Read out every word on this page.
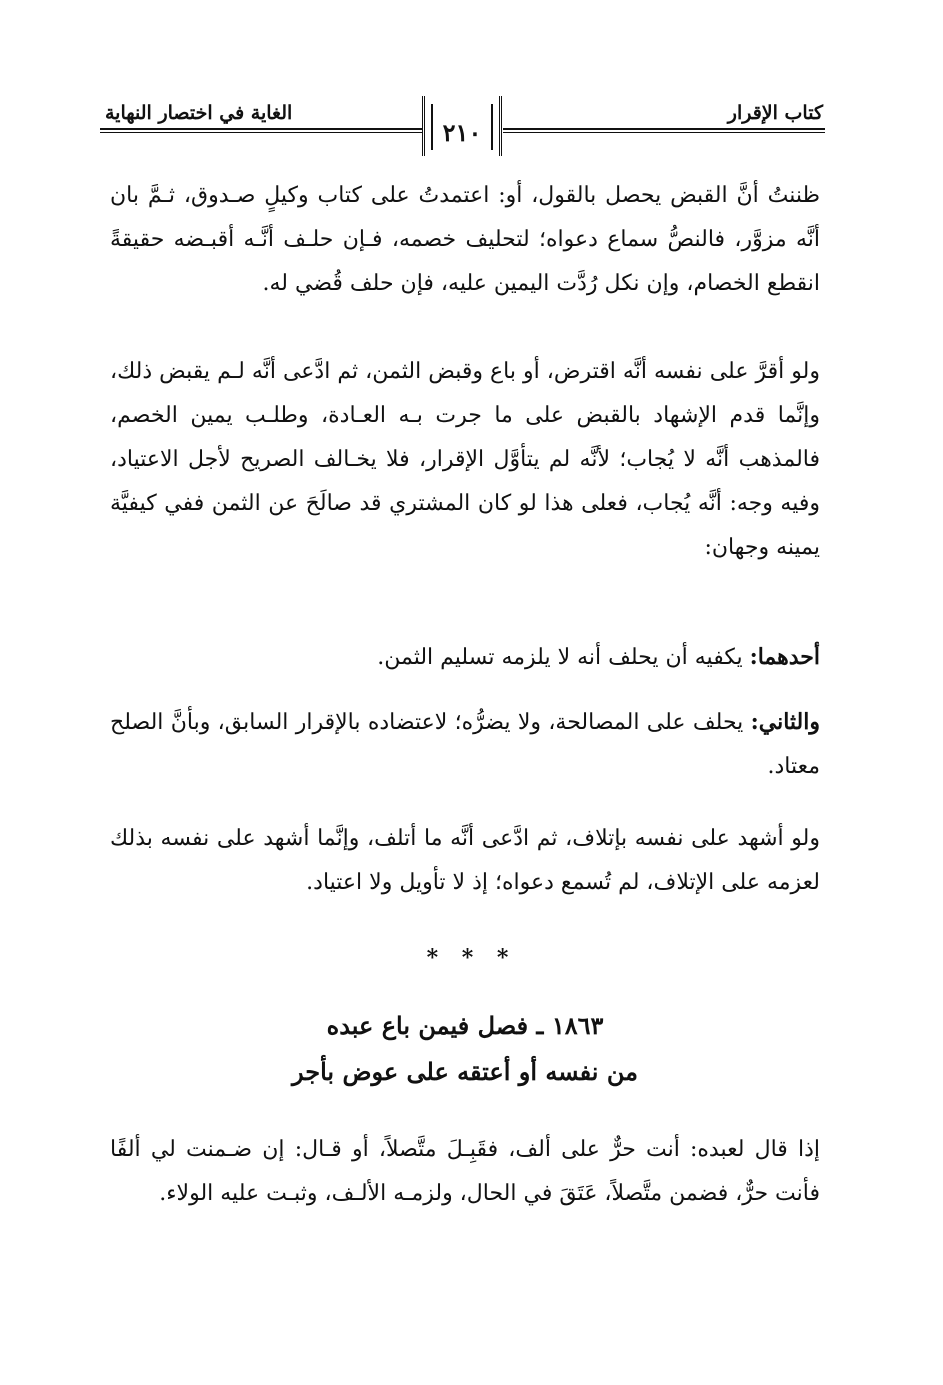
الغاية في اختصار النهاية	كتاب الإقرار
٢١٠

ظننتُ أنَّ القبض يحصل بالقول، أو: اعتمدتُ على كتاب وكيلٍ صـدوق، ثـمَّ بان أنَّه مزوَّر، فالنصُّ سماع دعواه؛ لتحليف خصمه، فـإن حلـف أنَّـه أقبـضه حقيقةً انقطع الخصام، وإن نكل رُدَّت اليمين عليه، فإن حلف قُضي له.

ولو أقرَّ على نفسه أنَّه اقترض، أو باع وقبض الثمن، ثم ادَّعى أنَّه لـم يقبض ذلك، وإنَّما قدم الإشهاد بالقبض على ما جرت بـه العـادة، وطلـب يمين الخصم، فالمذهب أنَّه لا يُجاب؛ لأنَّه لم يتأوَّل الإقرار، فلا يخـالف الصريح لأجل الاعتياد، وفيه وجه: أنَّه يُجاب، فعلى هذا لو كان المشتري قد صالَحَ عن الثمن ففي كيفيَّة يمينه وجهان:

أحدهما: يكفيه أن يحلف أنه لا يلزمه تسليم الثمن.

والثاني: يحلف على المصالحة، ولا يضرُّه؛ لاعتضاده بالإقرار السابق، وبأنَّ الصلح معتاد.

ولو أشهد على نفسه بإتلاف، ثم ادَّعى أنَّه ما أتلف، وإنَّما أشهد على نفسه بذلك لعزمه على الإتلاف، لم تُسمع دعواه؛ إذ لا تأويل ولا اعتياد.

* * *
١٨٦٣ ـ فصل فيمن باع عبده
من نفسه أو أعتقه على عوض بأجر

إذا قال لعبده: أنت حرٌّ على ألف، فقَبِـلَ متَّصلاً، أو قـال: إن ضـمنت لي ألفًا فأنت حرٌّ، فضمن متَّصلاً، عَتَقَ في الحال، ولزمـه الألـف، وثبـت عليه الولاء.
